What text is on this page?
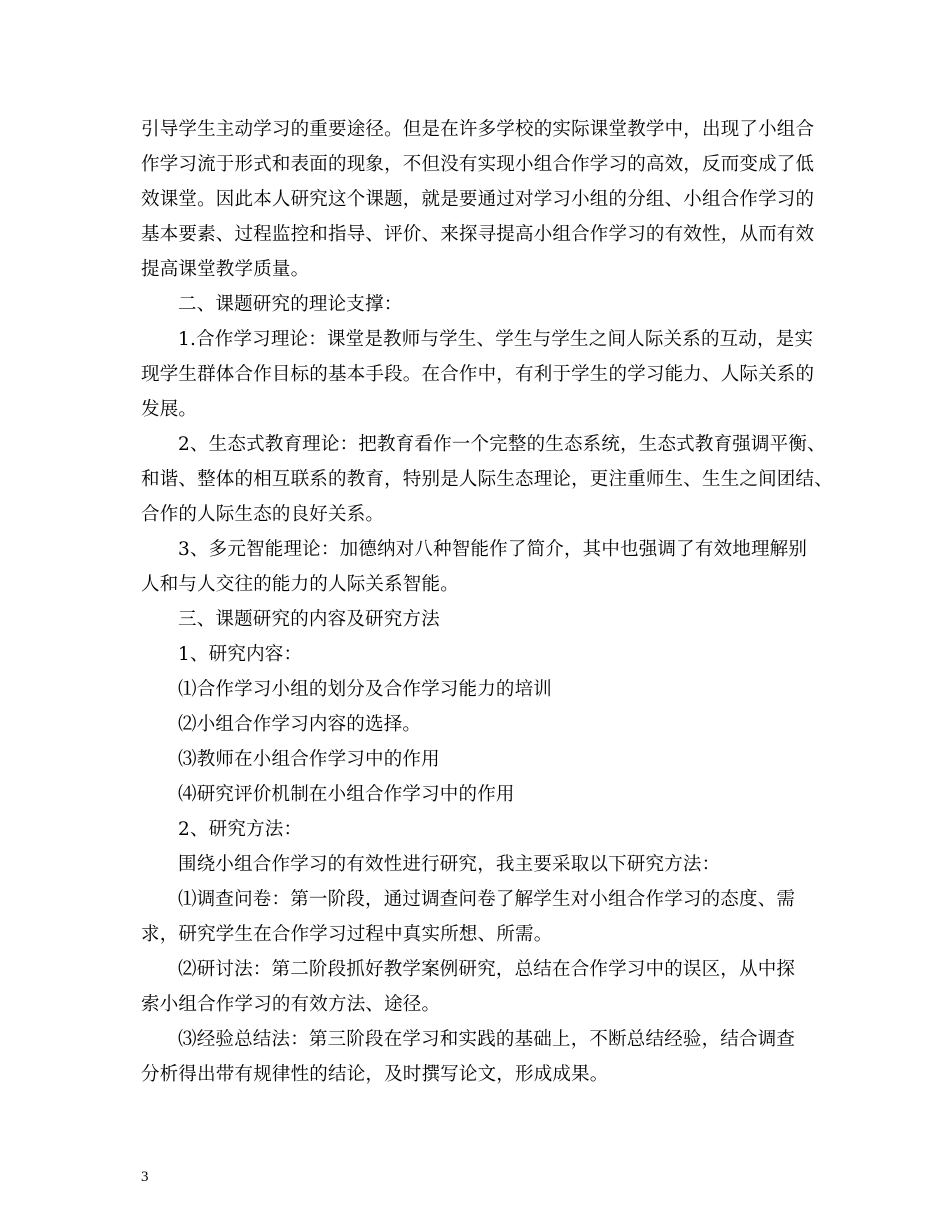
引导学生主动学习的重要途径。但是在许多学校的实际课堂教学中，出现了小组合
作学习流于形式和表面的现象，不但没有实现小组合作学习的高效，反而变成了低
效课堂。因此本人研究这个课题，就是要通过对学习小组的分组、小组合作学习的
基本要素、过程监控和指导、评价、来探寻提高小组合作学习的有效性，从而有效
提高课堂教学质量。
二、课题研究的理论支撑：
1.合作学习理论：课堂是教师与学生、学生与学生之间人际关系的互动，是实
现学生群体合作目标的基本手段。在合作中，有利于学生的学习能力、人际关系的
发展。
2、生态式教育理论：把教育看作一个完整的生态系统，生态式教育强调平衡、
和谐、整体的相互联系的教育，特别是人际生态理论，更注重师生、生生之间团结、
合作的人际生态的良好关系。
3、多元智能理论：加德纳对八种智能作了简介，其中也强调了有效地理解别
人和与人交往的能力的人际关系智能。
三、课题研究的内容及研究方法
1、研究内容：
⑴合作学习小组的划分及合作学习能力的培训
⑵小组合作学习内容的选择。
⑶教师在小组合作学习中的作用
⑷研究评价机制在小组合作学习中的作用
2、研究方法：
围绕小组合作学习的有效性进行研究，我主要采取以下研究方法：
⑴调查问卷：第一阶段，通过调查问卷了解学生对小组合作学习的态度、需
求，研究学生在合作学习过程中真实所想、所需。
⑵研讨法：第二阶段抓好教学案例研究，总结在合作学习中的误区，从中探
索小组合作学习的有效方法、途径。
⑶经验总结法：第三阶段在学习和实践的基础上，不断总结经验，结合调查
分析得出带有规律性的结论，及时撰写论文，形成成果。
3
